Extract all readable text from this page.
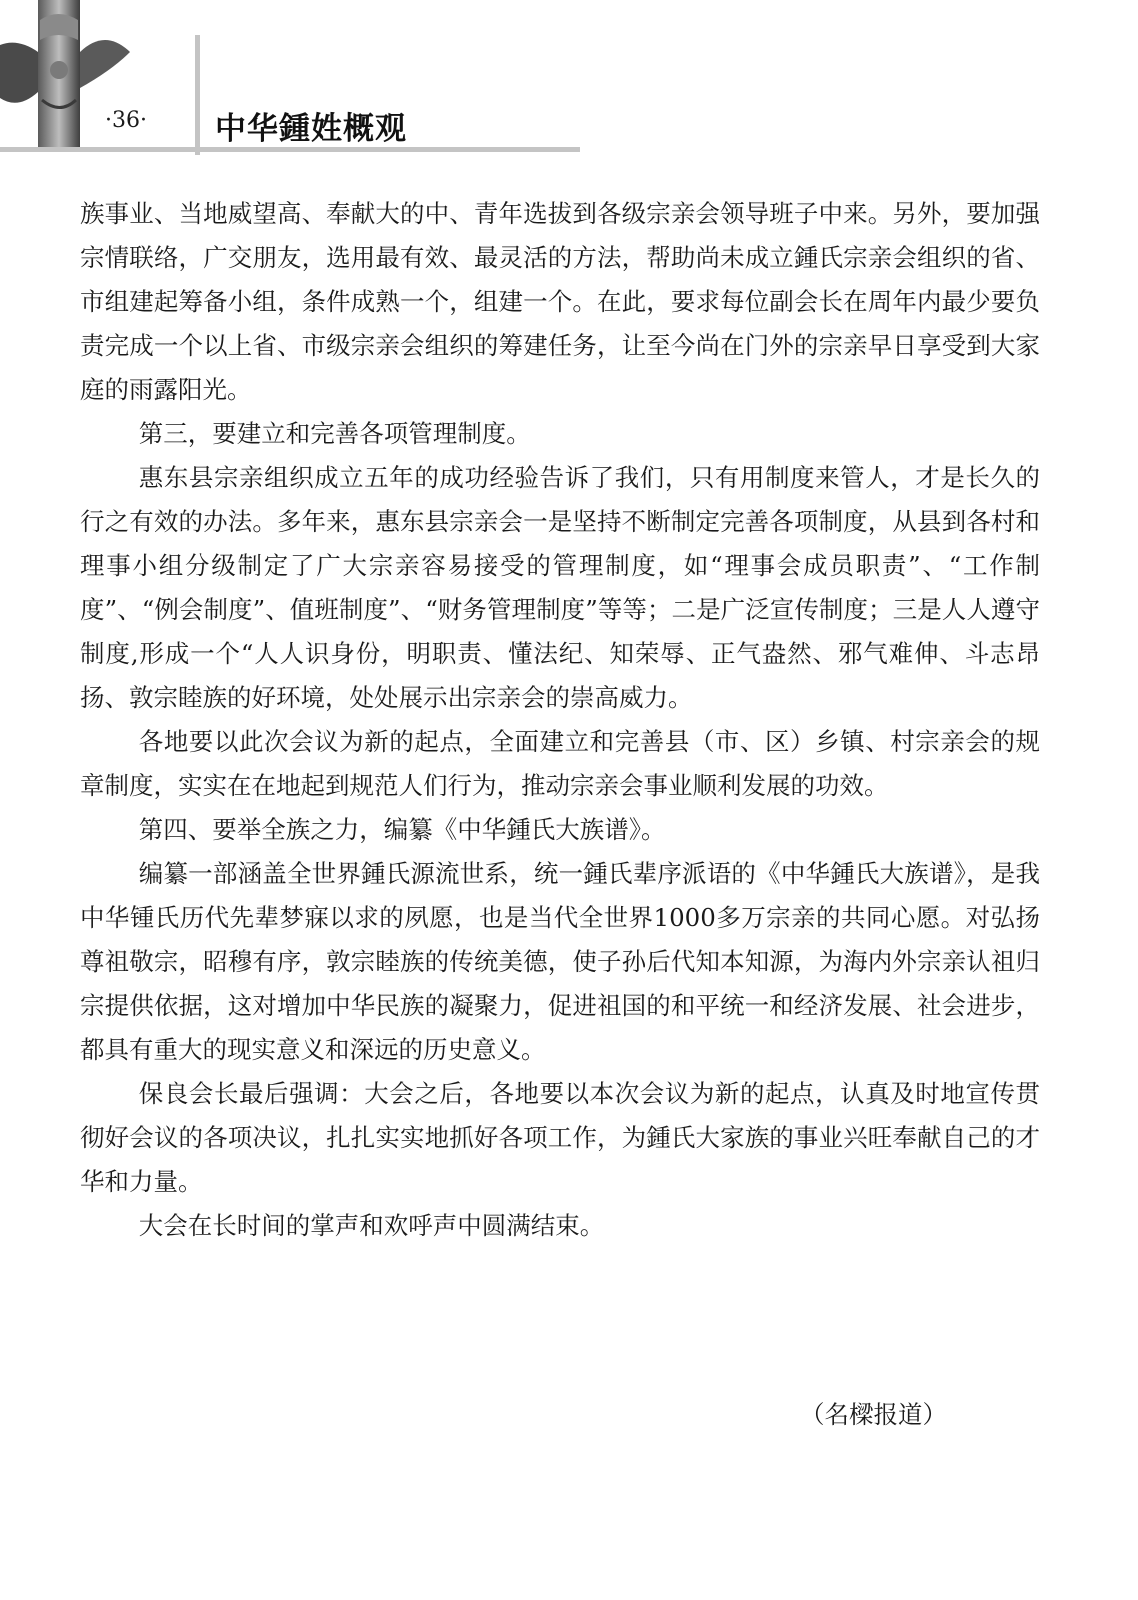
·36· 中华鍾姓概观

族事业、当地威望高、奉献大的中、青年选拔到各级宗亲会领导班子中来。另外，要加强宗情联络，广交朋友，选用最有效、最灵活的方法，帮助尚未成立鍾氏宗亲会组织的省、市组建起筹备小组，条件成熟一个，组建一个。在此，要求每位副会长在周年内最少要负责完成一个以上省、市级宗亲会组织的筹建任务，让至今尚在门外的宗亲早日享受到大家庭的雨露阳光。

第三，要建立和完善各项管理制度。

惠东县宗亲组织成立五年的成功经验告诉了我们，只有用制度来管人，才是长久的行之有效的办法。多年来，惠东县宗亲会一是坚持不断制定完善各项制度，从县到各村和理事小组分级制定了广大宗亲容易接受的管理制度，如“理事会成员职责”、“工作制度”、“例会制度”、值班制度”、“财务管理制度”等等；二是广泛宣传制度；三是人人遵守制度,形成一个“人人识身份，明职责、懂法纪、知荣辱、正气盎然、邪气难伸、斗志昂扬、敦宗睦族的好环境，处处展示出宗亲会的崇高威力。

各地要以此次会议为新的起点，全面建立和完善县（市、区）乡镇、村宗亲会的规章制度，实实在在地起到规范人们行为，推动宗亲会事业顺利发展的功效。

第四、要举全族之力，编纂《中华鍾氏大族谱》。

编纂一部涵盖全世界鍾氏源流世系，统一鍾氏辈序派语的《中华鍾氏大族谱》，是我中华锺氏历代先辈梦寐以求的夙愿，也是当代全世界1000多万宗亲的共同心愿。对弘扬尊祖敬宗，昭穆有序，敦宗睦族的传统美德，使子孙后代知本知源，为海内外宗亲认祖归宗提供依据，这对增加中华民族的凝聚力，促进祖国的和平统一和经济发展、社会进步，都具有重大的现实意义和深远的历史意义。

保良会长最后强调：大会之后，各地要以本次会议为新的起点，认真及时地宣传贯彻好会议的各项决议，扎扎实实地抓好各项工作，为鍾氏大家族的事业兴旺奉献自己的才华和力量。

大会在长时间的掌声和欢呼声中圆满结束。

（名樑报道）
